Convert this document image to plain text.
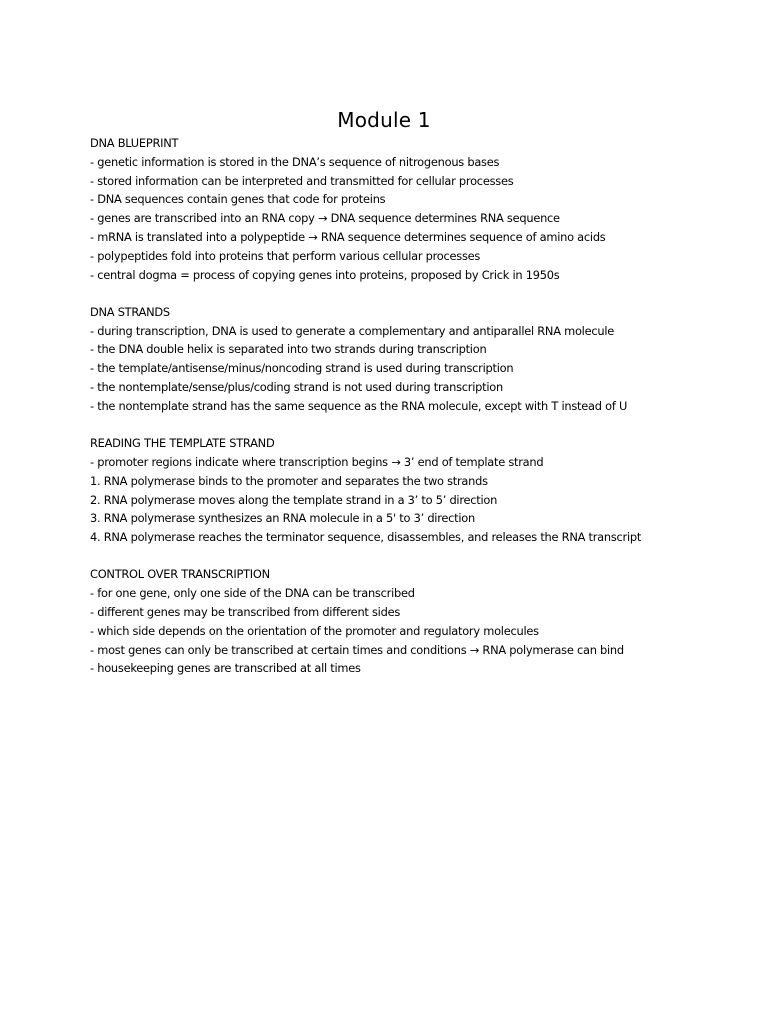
Module 1
DNA BLUEPRINT
- genetic information is stored in the DNA’s sequence of nitrogenous bases
- stored information can be interpreted and transmitted for cellular processes
- DNA sequences contain genes that code for proteins
- genes are transcribed into an RNA copy → DNA sequence determines RNA sequence
- mRNA is translated into a polypeptide → RNA sequence determines sequence of amino acids
- polypeptides fold into proteins that perform various cellular processes
- central dogma = process of copying genes into proteins, proposed by Crick in 1950s
DNA STRANDS
- during transcription, DNA is used to generate a complementary and antiparallel RNA molecule
- the DNA double helix is separated into two strands during transcription
- the template/antisense/minus/noncoding strand is used during transcription
- the nontemplate/sense/plus/coding strand is not used during transcription
- the nontemplate strand has the same sequence as the RNA molecule, except with T instead of U
READING THE TEMPLATE STRAND
- promoter regions indicate where transcription begins → 3’ end of template strand
1. RNA polymerase binds to the promoter and separates the two strands
2. RNA polymerase moves along the template strand in a 3’ to 5’ direction
3. RNA polymerase synthesizes an RNA molecule in a 5' to 3’ direction
4. RNA polymerase reaches the terminator sequence, disassembles, and releases the RNA transcript
CONTROL OVER TRANSCRIPTION
- for one gene, only one side of the DNA can be transcribed
- different genes may be transcribed from different sides
- which side depends on the orientation of the promoter and regulatory molecules
- most genes can only be transcribed at certain times and conditions → RNA polymerase can bind
- housekeeping genes are transcribed at all times
